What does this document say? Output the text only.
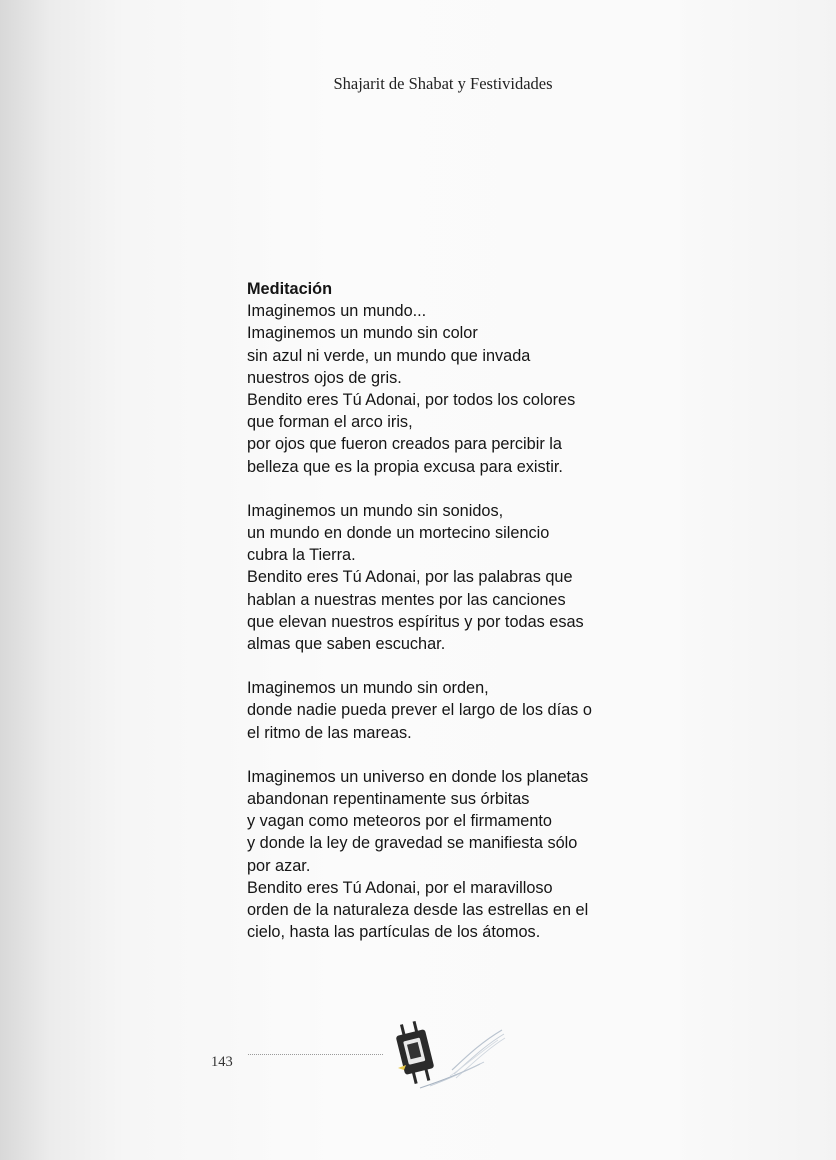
Shajarit de Shabat y Festividades
Meditación
Imaginemos un mundo...
Imaginemos un mundo sin color
sin azul ni verde, un mundo que invada
nuestros ojos de gris.
Bendito eres Tú Adonai, por todos los colores
que forman el arco iris,
por ojos que fueron creados para percibir la
belleza que es la propia excusa para existir.
Imaginemos un mundo sin sonidos,
un mundo en donde un mortecino silencio
cubra la Tierra.
Bendito eres Tú Adonai, por las palabras que
hablan a nuestras mentes por las canciones
que elevan nuestros espíritus y por todas esas
almas que saben escuchar.
Imaginemos un mundo sin orden,
donde nadie pueda prever el largo de los días o
el ritmo de las mareas.
Imaginemos un universo en donde los planetas
abandonan repentinamente sus órbitas
y vagan como meteoros por el firmamento
y donde la ley de gravedad se manifiesta sólo
por azar.
Bendito eres Tú Adonai, por el maravilloso
orden de la naturaleza desde las estrellas en el
cielo, hasta las partículas de los átomos.
143
